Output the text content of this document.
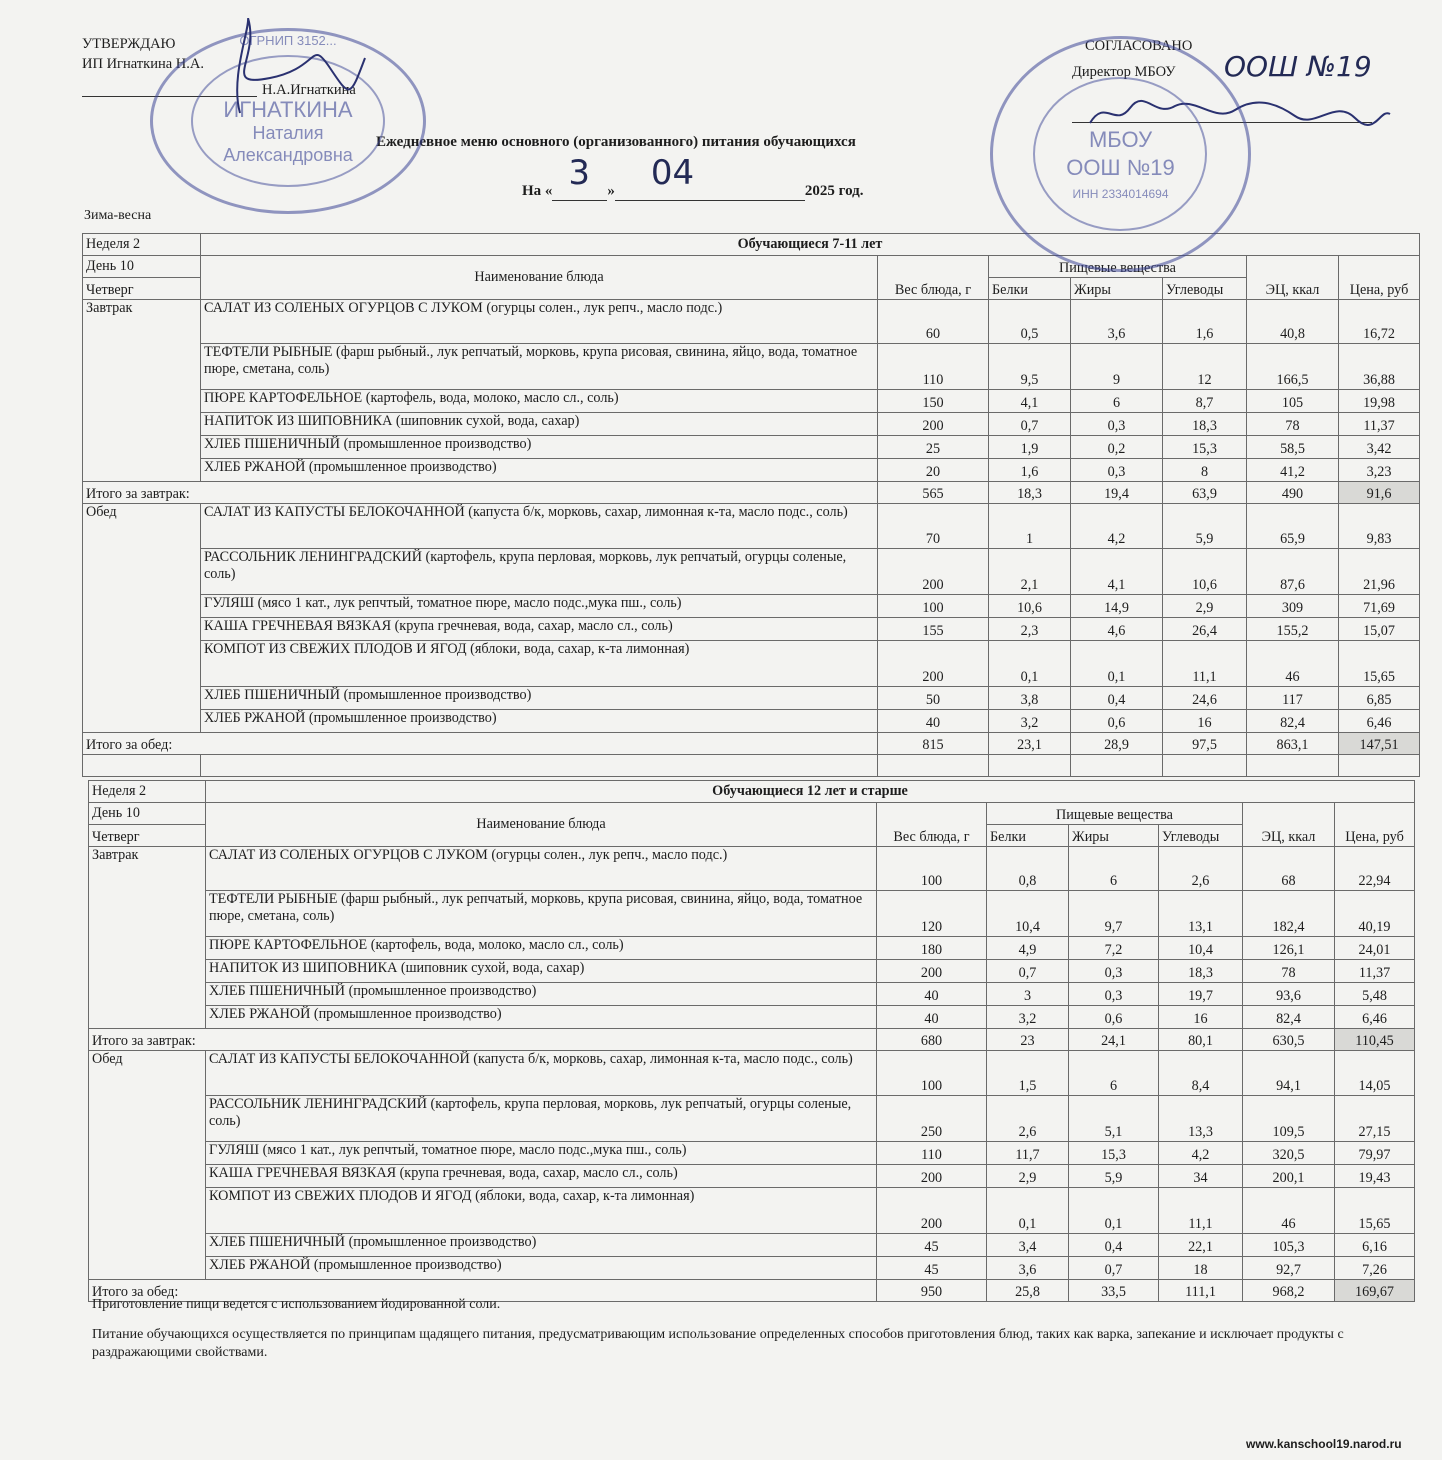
УТВЕРЖДАЮ
ИП Игнаткина Н.А.
Н.А.Игнаткина
СОГЛАСОВАНО
Директор МБОУ ООШ №19
Ежедневное меню основного (организованного) питания обучающихся
На « 3 » 04	2025 год.
Зима-весна
Неделя 2	Обучающиеся 7-11 лет						
День 10	Наименование блюда	Вес блюда, г	Пищевые вещества			ЭЦ, ккал	Цена, руб
Четверг			Белки	Жиры	Углеводы		
Завтрак	САЛАТ ИЗ СОЛЕНЫХ ОГУРЦОВ С ЛУКОМ (огурцы солен., лук репч., масло подс.)	60	0,5	3,6	1,6	40,8	16,72
	ТЕФТЕЛИ РЫБНЫЕ (фарш рыбный., лук репчатый, морковь, крупа рисовая, свинина, яйцо, вода, томатное пюре, сметана, соль)	110	9,5	9	12	166,5	36,88
	ПЮРЕ КАРТОФЕЛЬНОЕ (картофель, вода, молоко, масло сл., соль)	150	4,1	6	8,7	105	19,98
	НАПИТОК ИЗ ШИПОВНИКА (шиповник сухой, вода, сахар)	200	0,7	0,3	18,3	78	11,37
	ХЛЕБ ПШЕНИЧНЫЙ (промышленное производство)	25	1,9	0,2	15,3	58,5	3,42
	ХЛЕБ РЖАНОЙ (промышленное производство)	20	1,6	0,3	8	41,2	3,23
Итого за завтрак:		565	18,3	19,4	63,9	490	91,6
Обед	САЛАТ ИЗ КАПУСТЫ БЕЛОКОЧАННОЙ (капуста б/к, морковь, сахар, лимонная к-та, масло подс., соль)	70	1	4,2	5,9	65,9	9,83
	РАССОЛЬНИК ЛЕНИНГРАДСКИЙ (картофель, крупа перловая, морковь, лук репчатый, огурцы соленые, соль)	200	2,1	4,1	10,6	87,6	21,96
	ГУЛЯШ (мясо 1 кат., лук репчтый, томатное пюре, масло подс.,мука пш., соль)	100	10,6	14,9	2,9	309	71,69
	КАША ГРЕЧНЕВАЯ ВЯЗКАЯ (крупа гречневая, вода, сахар, масло сл., соль)	155	2,3	4,6	26,4	155,2	15,07
	КОМПОТ ИЗ СВЕЖИХ ПЛОДОВ И ЯГОД (яблоки, вода, сахар, к-та лимонная)	200	0,1	0,1	11,1	46	15,65
	ХЛЕБ ПШЕНИЧНЫЙ (промышленное производство)	50	3,8	0,4	24,6	117	6,85
	ХЛЕБ РЖАНОЙ (промышленное производство)	40	3,2	0,6	16	82,4	6,46
Итого за обед:		815	23,1	28,9	97,5	863,1	147,51

Неделя 2	Обучающиеся 12 лет и старше						
День 10	Наименование блюда	Вес блюда, г	Пищевые вещества			ЭЦ, ккал	Цена, руб
Четверг			Белки	Жиры	Углеводы		
Завтрак	САЛАТ ИЗ СОЛЕНЫХ ОГУРЦОВ С ЛУКОМ (огурцы солен., лук репч., масло подс.)	100	0,8	6	2,6	68	22,94
	ТЕФТЕЛИ РЫБНЫЕ (фарш рыбный., лук репчатый, морковь, крупа рисовая, свинина, яйцо, вода, томатное пюре, сметана, соль)	120	10,4	9,7	13,1	182,4	40,19
	ПЮРЕ КАРТОФЕЛЬНОЕ (картофель, вода, молоко, масло сл., соль)	180	4,9	7,2	10,4	126,1	24,01
	НАПИТОК ИЗ ШИПОВНИКА (шиповник сухой, вода, сахар)	200	0,7	0,3	18,3	78	11,37
	ХЛЕБ ПШЕНИЧНЫЙ (промышленное производство)	40	3	0,3	19,7	93,6	5,48
	ХЛЕБ РЖАНОЙ (промышленное производство)	40	3,2	0,6	16	82,4	6,46
Итого за завтрак:		680	23	24,1	80,1	630,5	110,45
Обед	САЛАТ ИЗ КАПУСТЫ БЕЛОКОЧАННОЙ (капуста б/к, морковь, сахар, лимонная к-та, масло подс., соль)	100	1,5	6	8,4	94,1	14,05
	РАССОЛЬНИК ЛЕНИНГРАДСКИЙ (картофель, крупа перловая, морковь, лук репчатый, огурцы соленые, соль)	250	2,6	5,1	13,3	109,5	27,15
	ГУЛЯШ (мясо 1 кат., лук репчтый, томатное пюре, масло подс.,мука пш., соль)	110	11,7	15,3	4,2	320,5	79,97
	КАША ГРЕЧНЕВАЯ ВЯЗКАЯ (крупа гречневая, вода, сахар, масло сл., соль)	200	2,9	5,9	34	200,1	19,43
	КОМПОТ ИЗ СВЕЖИХ ПЛОДОВ И ЯГОД (яблоки, вода, сахар, к-та лимонная)	200	0,1	0,1	11,1	46	15,65
	ХЛЕБ ПШЕНИЧНЫЙ (промышленное производство)	45	3,4	0,4	22,1	105,3	6,16
	ХЛЕБ РЖАНОЙ (промышленное производство)	45	3,6	0,7	18	92,7	7,26
Итого за обед:		950	25,8	33,5	111,1	968,2	169,67
Приготовление пищи ведется с использованием йодированной соли.
Питание обучающихся осуществляется по принципам щадящего питания, предусматривающим использование определенных способов приготовления блюд, таких как варка, запекание и исключает продукты с раздражающими свойствами.
www.kanschool19.narod.ru
ИГНАТКИНА
Наталия
Александровна
ОГРНИП 3152...
МБОУ
ООШ №19
ИНН 2334014694
